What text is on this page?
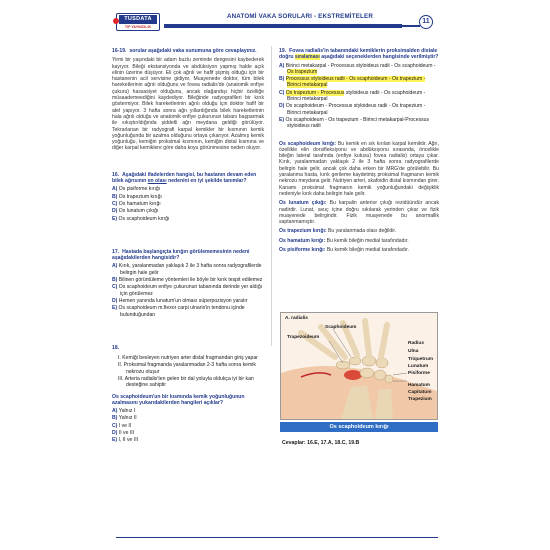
TUSDATA
TIP YAYINCILIK
ANATOMİ VAKA SORULARI - EKSTREMİTELER
11
16-19. sorular aşağıdaki vaka sunumuna göre cevaplayınız.
Yirmi bir yaşındaki bir adam buzlu zeminde dengesini kaybederek kayıyor. Bileği ekstansiyonda ve abdüksiyon yapmış halde açık elinin üzerine düşüyor. Eli çok ağrılı ve hafif şişmiş olduğu için bir hastanenin acil servisine gidiyor. Muayenede doktor, tüm bilek hareketlerinin ağrılı olduğunu ve fovea radialis'de (anatomik enfiye çukuru) hassasiyet olduğunu, ancak olağandışı hiçbir özelliğe müsaademeediğini kaydediyor. Bileğinde radyografileri bir kırık göstermiyor. Bilek hareketlerinin ağrılı olduğu için doktor hafif bir atel yapıyor. 3 hafta sonra ağrı yıllardığında bilek hareketlerinin hala ağrılı olduğu ve anatomik enfiye çukurunun tabanı başparmak ile sıkıştırıldığında şiddetli ağrı meydana geldiği görülüyor. Tekrarlanan bir radyografi karpal kemikler bir kısmının kemik yoğunluğunda bir azalma olduğunu ortaya çıkarıyor. Azalmış kemik yoğunluğu, kemiğin proksimal kısmının, kemiğin distal kısmına ve diğer karpal kemiklere göre daha koyu görünmesine neden oluyor.
16. Aşağıdaki ifadelerden hangisi, bu hastanın devam eden bilek ağrısının en olası nedenini en iyi şekilde tanımlar?
A) Os pisiforme kırığı
B) Os trapezium kırığı
C) Os hamatum kırığı
D) Os lunatum çıkığı
E) Os scaphoideum kırığı
17. Hastada başlangıçta kırığın görülememesinin nedeni aşağıdakilerden hangisidir?
A) Kırık, yaralanmadan yaklaşık 2 ile 3 hafta sonra radyografilerde belirgin hale gelir
B) Bilinen görüntüleme yöntemleri ile böyle bir kırık tespit edilemez
C) Os scaphoideum enfiye çukurunun tabanında derinde yer aldığı için görülemez
D) Hemen yanında lunatum'un olması süperpozisyon yaratır
E) Os scaphoideum m.flexor carpi ulnaris'in tendonu içinde bulunduğundan
18.
I. Kemiği besleyen nutriyen arter distal fragmandan giriş yapar
II. Proksimal fragmanda yaralanmadan 2-3 hafta sonra kemik nekrozu oluşur
III. Arteria radialis'ten gelen bir dal yoluyla oldukça iyi bir kan desteğine sahiptir
Os scaphoideum'un bir kısmında kemik yoğunluğunun azalmasını yukarıdakilerden hangileri açıklar?
A) Yalnız I
B) Yalnız II
C) I ve II
D) II ve III
E) I, II ve III
19. Fovea radialis'in tabanındaki kemiklerin proksimalden distale doğru sıralaması aşağıdaki seçeneklerden hangisinde verilmiştir?
A) Birinci metakarpal - Processus styloideus radii - Os scaphoideum - Os trapezium
B) Processus styloideus radii - Os scaphoideum - Os trapezium - Birinci metakarpal
C) Os trapezium - Processus styloideus radii - Os scaphoideum - Birinci metakarpal
D) Os scaphoideum - Processus styloideus radii - Os trapezium - Birinci metakarpal
E) Os scaphoideum - Os trapezium - Birinci metakarpal-Processus styloideus radii
Os scaphoideum kırığı: Bu kemik en sık kırılan karpal kemiktir. Ağrı, özellikle elin dorsifleksiyonu ve abdüksiyonu sırasında, öncelikle bileğin lateral tarafında (enfiye kutusu) fovea radialis) ortaya çıkar. Kırık, yaralanmadan yaklaşık 2 ile 3 hafta sonra radyografilerde belirgin hale gelir, ancak çok daha erken bir MRG'de görülebilir. Bu yaralanma hasta, kırık gerileme kaydetmiş proksimal fragmanın kemik nekrozu meydana gelir. Nutriyen arteri, skafoidin distal kısmından girer. Kanamı proksimal fragmanın kemik yoğunluğundaki değişiklik nedeniyle kırık daha belirgin hale gelir.
Os lunatum çıkığı: Bu karpalin anterior çıkığı rezidüündür ancak nadirdir. Lunat, avuç içine doğru sıkılarak yerinden çıkar ve fizik muayenede belirgindir. Fizik muayenede bu anormallik saptanmamıştır.
Os trapezium kırığı: Bu yaralanmada olası değildir.
Os hamatum kırığı: Bu kemik bileğin medial tarafındadır.
Os pisiforme kırığı: Bu kemik bileğin medial tarafındadır.
A. radialis
Scaphoideum
Trapezoideum
Radius
Ulna
Triquetrum
Lunatum
Pisiforme
Hamatum
Capitatum
Trapezium
Os scaphoideum kırığı
Cevaplar: 16.E, 17.A, 18.C, 19.B
